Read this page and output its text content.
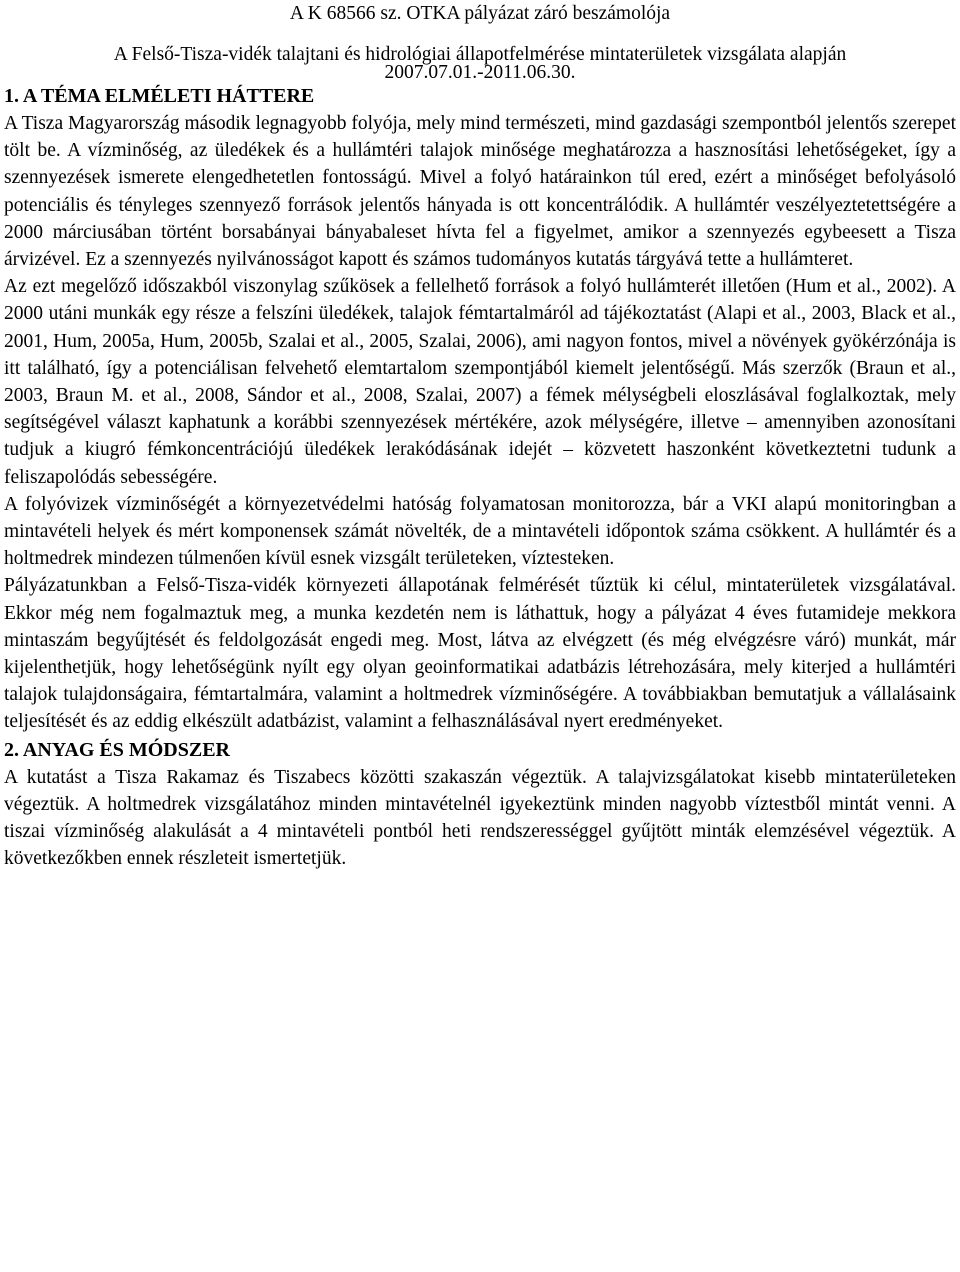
A K 68566 sz. OTKA pályázat záró beszámolója

A Felső-Tisza-vidék talajtani és hidrológiai állapotfelmérése mintaterületek vizsgálata alapján

2007.07.01.-2011.06.30.

1. A TÉMA ELMÉLETI HÁTTERE

A Tisza Magyarország második legnagyobb folyója, mely mind természeti, mind gazdasági szempontból jelentős szerepet tölt be. A vízminőség, az üledékek és a hullámtéri talajok minősége meghatározza a hasznosítási lehetőségeket, így a szennyezések ismerete elengedhetetlen fontosságú. Mivel a folyó határainkon túl ered, ezért a minőséget befolyásoló potenciális és tényleges szennyező források jelentős hányada is ott koncentrálódik. A hullámtér veszélyeztetettségére a 2000 márciusában történt borsabányai bányabaleset hívta fel a figyelmet, amikor a szennyezés egybeesett a Tisza árvizével. Ez a szennyezés nyilvánosságot kapott és számos tudományos kutatás tárgyává tette a hullámteret.

Az ezt megelőző időszakból viszonylag szűkösek a fellelhető források a folyó hullámterét illetően (Hum et al., 2002). A 2000 utáni munkák egy része a felszíni üledékek, talajok fémtartalmáról ad tájékoztatást (Alapi et al., 2003, Black et al., 2001, Hum, 2005a, Hum, 2005b, Szalai et al., 2005, Szalai, 2006), ami nagyon fontos, mivel a növények gyökérzónája is itt található, így a potenciálisan felvehető elemtartalom szempontjából kiemelt jelentőségű. Más szerzők (Braun et al., 2003, Braun M. et al., 2008, Sándor et al., 2008, Szalai, 2007) a fémek mélységbeli eloszlásával foglalkoztak, mely segítségével választ kaphatunk a korábbi szennyezések mértékére, azok mélységére, illetve – amennyiben azonosítani tudjuk a kiugró fémkoncentrációjú üledékek lerakódásának idejét – közvetett haszonként következtetni tudunk a feliszapolódás sebességére.

A folyóvizek vízminőségét a környezetvédelmi hatóság folyamatosan monitorozza, bár a VKI alapú monitoringban a mintavételi helyek és mért komponensek számát növelték, de a mintavételi időpontok száma csökkent. A hullámtér és a holtmedrek mindezen túlmenően kívül esnek vizsgált területeken, víztesteken.

Pályázatunkban a Felső-Tisza-vidék környezeti állapotának felmérését tűztük ki célul, mintaterületek vizsgálatával. Ekkor még nem fogalmaztuk meg, a munka kezdetén nem is láthattuk, hogy a pályázat 4 éves futamideje mekkora mintaszám begyűjtését és feldolgozását engedi meg. Most, látva az elvégzett (és még elvégzésre váró) munkát, már kijelenthetjük, hogy lehetőségünk nyílt egy olyan geoinformatikai adatbázis létrehozására, mely kiterjed a hullámtéri talajok tulajdonságaira, fémtartalmára, valamint a holtmedrek vízminőségére. A továbbiakban bemutatjuk a vállalásaink teljesítését és az eddig elkészült adatbázist, valamint a felhasználásával nyert eredményeket.

2. ANYAG ÉS MÓDSZER

A kutatást a Tisza Rakamaz és Tiszabecs közötti szakaszán végeztük. A talajvizsgálatokat kisebb mintaterületeken végeztük. A holtmedrek vizsgálatához minden mintavételnél igyekeztünk minden nagyobb víztestből mintát venni. A tiszai vízminőség alakulását a 4 mintavételi pontból heti rendszerességgel gyűjtött minták elemzésével végeztük. A következőkben ennek részleteit ismertetjük.
